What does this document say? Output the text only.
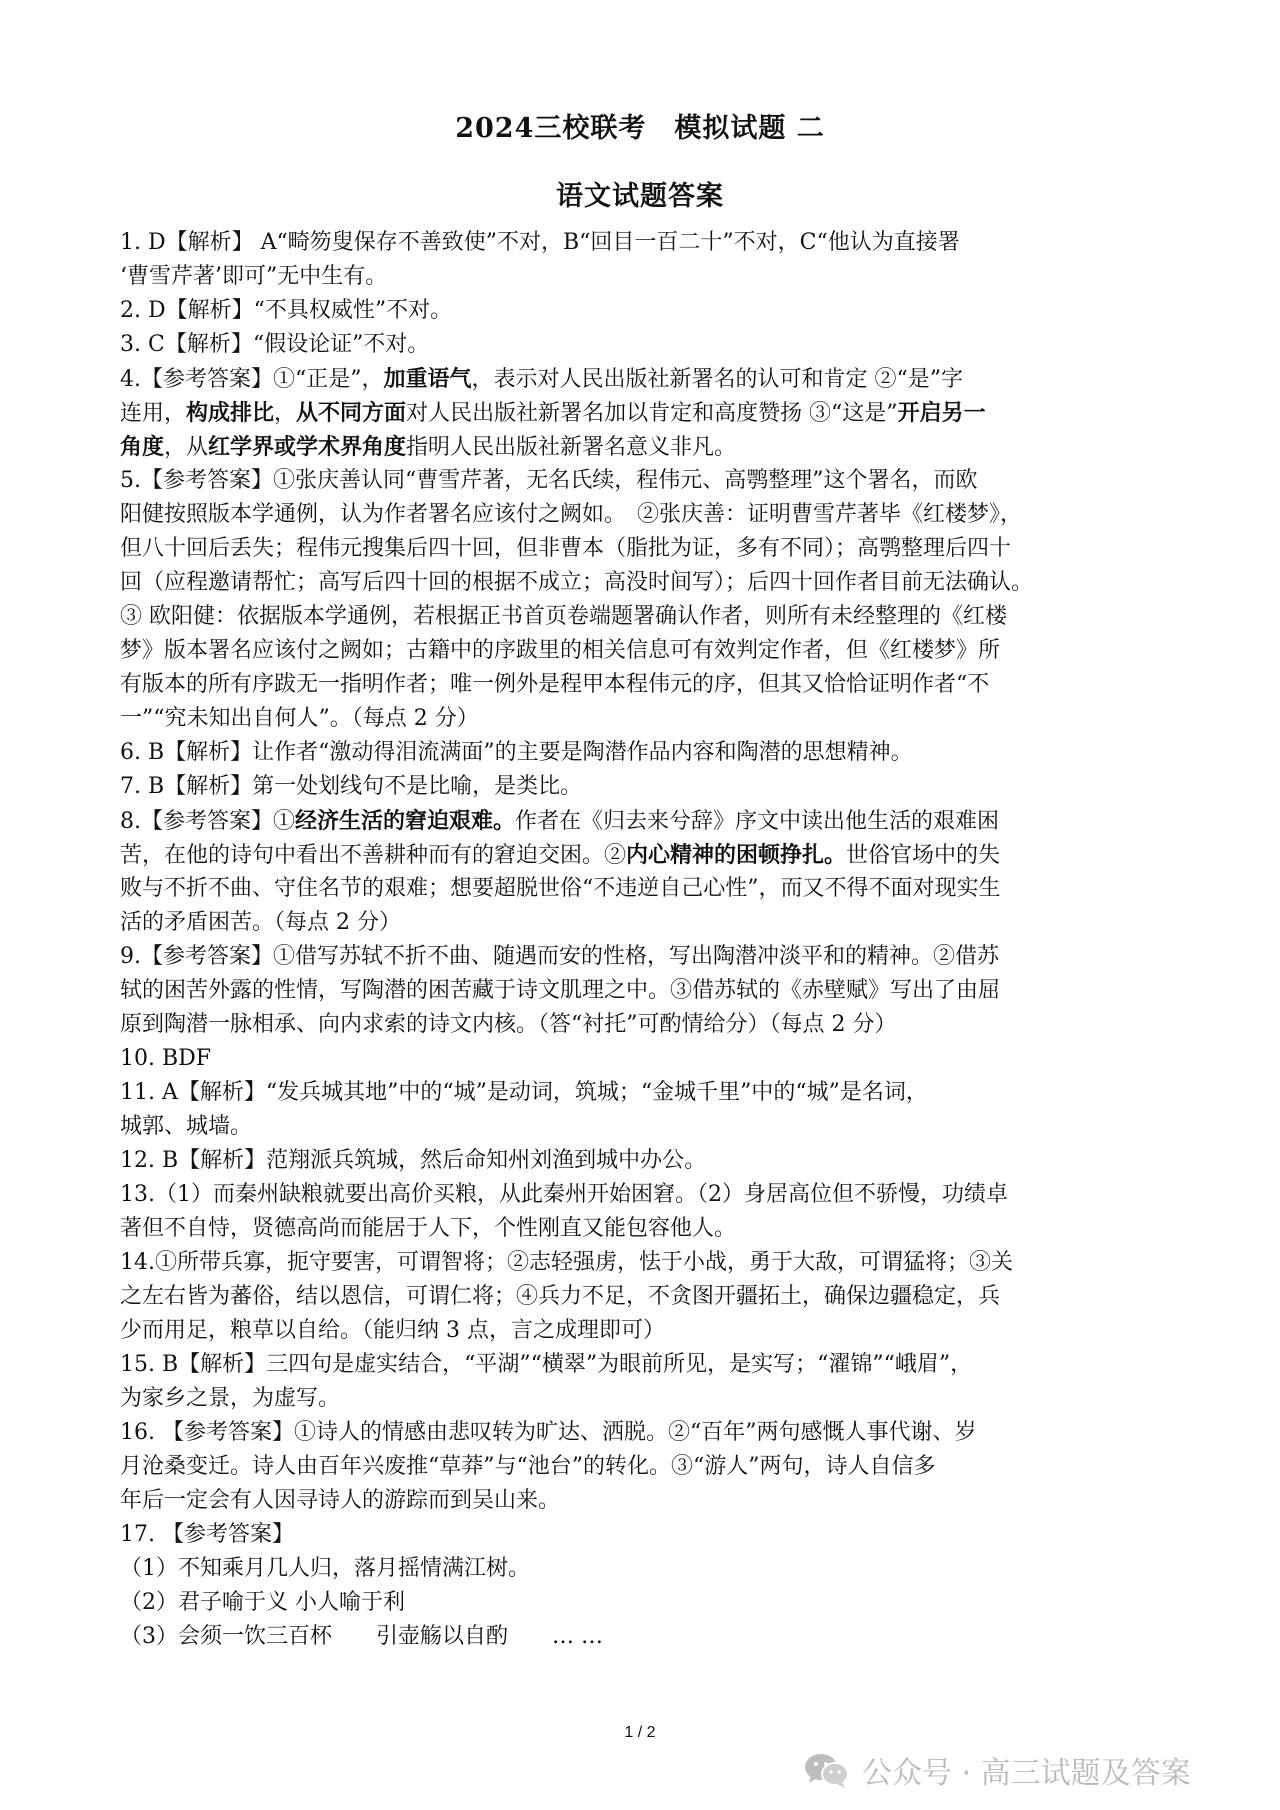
2024三校联考　模拟试题 二
语文试题答案
1. D【解析】 A“畸笏叟保存不善致使”不对，B“回目一百二十”不对，C“他认为直接署
‘曹雪芹著’即可”无中生有。
2. D【解析】“不具权威性”不对。
3. C【解析】“假设论证”不对。
4.【参考答案】①“正是”，加重语气，表示对人民出版社新署名的认可和肯定 ②“是”字
连用，构成排比，从不同方面对人民出版社新署名加以肯定和高度赞扬 ③“这是”开启另一
角度，从红学界或学术界角度指明人民出版社新署名意义非凡。
5.【参考答案】①张庆善认同“曹雪芹著，无名氏续，程伟元、高鹗整理”这个署名，而欧
阳健按照版本学通例，认为作者署名应该付之阙如。　②张庆善：证明曹雪芹著毕《红楼梦》，
但八十回后丢失；程伟元搜集后四十回，但非曹本（脂批为证，多有不同）；高鹗整理后四十
回（应程邀请帮忙；高写后四十回的根据不成立；高没时间写）；后四十回作者目前无法确认。
③ 欧阳健：依据版本学通例，若根据正书首页卷端题署确认作者，则所有未经整理的《红楼
梦》版本署名应该付之阙如；古籍中的序跋里的相关信息可有效判定作者，但《红楼梦》所
有版本的所有序跋无一指明作者；唯一例外是程甲本程伟元的序，但其又恰恰证明作者“不
一”“究未知出自何人”。（每点 2 分）
6. B【解析】让作者“激动得泪流满面”的主要是陶潜作品内容和陶潜的思想精神。
7. B【解析】第一处划线句不是比喻，是类比。
8.【参考答案】①经济生活的窘迫艰难。作者在《归去来兮辞》序文中读出他生活的艰难困
苦，在他的诗句中看出不善耕种而有的窘迫交困。②内心精神的困顿挣扎。世俗官场中的失
败与不折不曲、守住名节的艰难；想要超脱世俗“不违逆自己心性”，而又不得不面对现实生
活的矛盾困苦。（每点 2 分）
9.【参考答案】①借写苏轼不折不曲、随遇而安的性格，写出陶潜冲淡平和的精神。②借苏
轼的困苦外露的性情，写陶潜的困苦藏于诗文肌理之中。③借苏轼的《赤壁赋》写出了由屈
原到陶潜一脉相承、向内求索的诗文内核。（答“衬托”可酌情给分）（每点 2 分）
10. BDF
11. A【解析】“发兵城其地”中的“城”是动词，筑城；“金城千里”中的“城”是名词，
城郭、城墙。
12. B【解析】范翔派兵筑城，然后命知州刘渔到城中办公。
13.（1）而秦州缺粮就要出高价买粮，从此秦州开始困窘。（2）身居高位但不骄慢，功绩卓
著但不自恃，贤德高尚而能居于人下，个性刚直又能包容他人。
14.①所带兵寡，扼守要害，可谓智将；②志轻强虏，怯于小战，勇于大敌，可谓猛将；③关
之左右皆为蕃俗，结以恩信，可谓仁将；④兵力不足，不贪图开疆拓土，确保边疆稳定，兵
少而用足，粮草以自给。（能归纳 3 点，言之成理即可）
15. B【解析】三四句是虚实结合，“平湖”“横翠”为眼前所见，是实写；“濯锦”“峨眉”，
为家乡之景，为虚写。
16. 【参考答案】①诗人的情感由悲叹转为旷达、洒脱。②“百年”两句感慨人事代谢、岁
月沧桑变迁。诗人由百年兴废推“草莽”与“池台”的转化。③“游人”两句，诗人自信多
年后一定会有人因寻诗人的游踪而到吴山来。
17. 【参考答案】
（1）不知乘月几人归，落月摇情满江树。
（2）君子喻于义 小人喻于利
（3）会须一饮三百杯　　引壶觞以自酌　　… …
1 / 2
公众号 · 高三试题及答案
